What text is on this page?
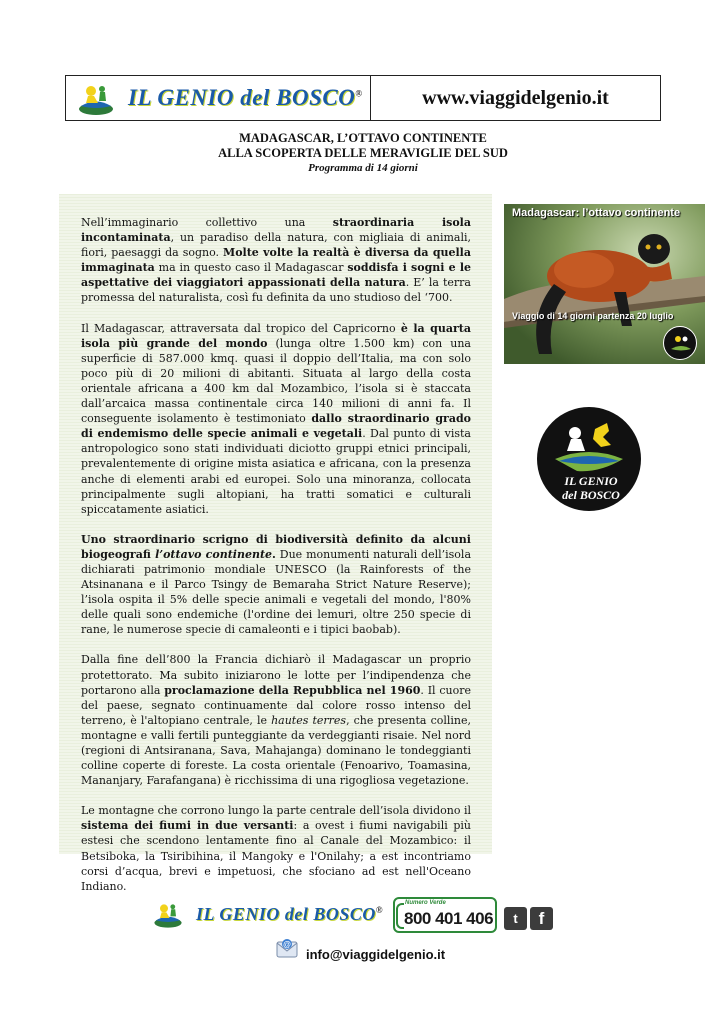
IL GENIO del BOSCO®	www.viaggidelgenio.it
MADAGASCAR, L’OTTAVO CONTINENTE
ALLA SCOPERTA DELLE MERAVIGLIE DEL SUD
Programma di 14 giorni

Nell’immaginario collettivo una straordinaria isola incontaminata, un paradiso della natura, con migliaia di animali, fiori, paesaggi da sogno. Molte volte la realtà è diversa da quella immaginata ma in questo caso il Madagascar soddisfa i sogni e le aspettative dei viaggiatori appassionati della natura. E’ la terra promessa del naturalista, così fu definita da uno studioso del ‘700.

Il Madagascar, attraversata dal tropico del Capricorno è la quarta isola più grande del mondo (lunga oltre 1.500 km) con una superficie di 587.000 kmq. quasi il doppio dell’Italia, ma con solo poco più di 20 milioni di abitanti. Situata al largo della costa orientale africana a 400 km dal Mozambico, l’isola si è staccata dall’arcaica massa continentale circa 140 milioni di anni fa. Il conseguente isolamento è testimoniato dallo straordinario grado di endemismo delle specie animali e vegetali. Dal punto di vista antropologico sono stati individuati diciotto gruppi etnici principali, prevalentemente di origine mista asiatica e africana, con la presenza anche di elementi arabi ed europei. Solo una minoranza, collocata principalmente sugli altopiani, ha tratti somatici e culturali spiccatamente asiatici.

Uno straordinario scrigno di biodiversità definito da alcuni biogeografi l’ottavo continente. Due monumenti naturali dell’isola dichiarati patrimonio mondiale UNESCO (la Rainforests of the Atsinanana e il Parco Tsingy de Bemaraha Strict Nature Reserve); l’isola ospita il 5% delle specie animali e vegetali del mondo, l'80% delle quali sono endemiche (l'ordine dei lemuri, oltre 250 specie di rane, le numerose specie di camaleonti e i tipici baobab).

Dalla fine dell’800 la Francia dichiarò il Madagascar un proprio protettorato. Ma subito iniziarono le lotte per l’indipendenza che portarono alla proclamazione della Repubblica nel 1960. Il cuore del paese, segnato continuamente dal colore rosso intenso del terreno, è l'altopiano centrale, le hautes terres, che presenta colline, montagne e valli fertili punteggiante da verdeggianti risaie. Nel nord (regioni di Antsiranana, Sava, Mahajanga) dominano le tondeggianti colline coperte di foreste. La costa orientale (Fenoarivo, Toamasina, Mananjary, Farafangana) è ricchissima di una rigogliosa vegetazione.

Le montagne che corrono lungo la parte centrale dell’isola dividono il sistema dei fiumi in due versanti: a ovest i fiumi navigabili più estesi che scendono lentamente fino al Canale del Mozambico: il Betsiboka, la Tsiribihina, il Mangoky e l'Onilahy; a est incontriamo corsi d’acqua, brevi e impetuosi, che sfociano ad est nell'Oceano Indiano.

Madagascar: l’ottavo continente
Viaggio di 14 giorni partenza 20 luglio
IL GENIO
del BOSCO
IL GENIO del BOSCO®
Numero Verde
800 401 406	t	f
@
info@viaggidelgenio.it
